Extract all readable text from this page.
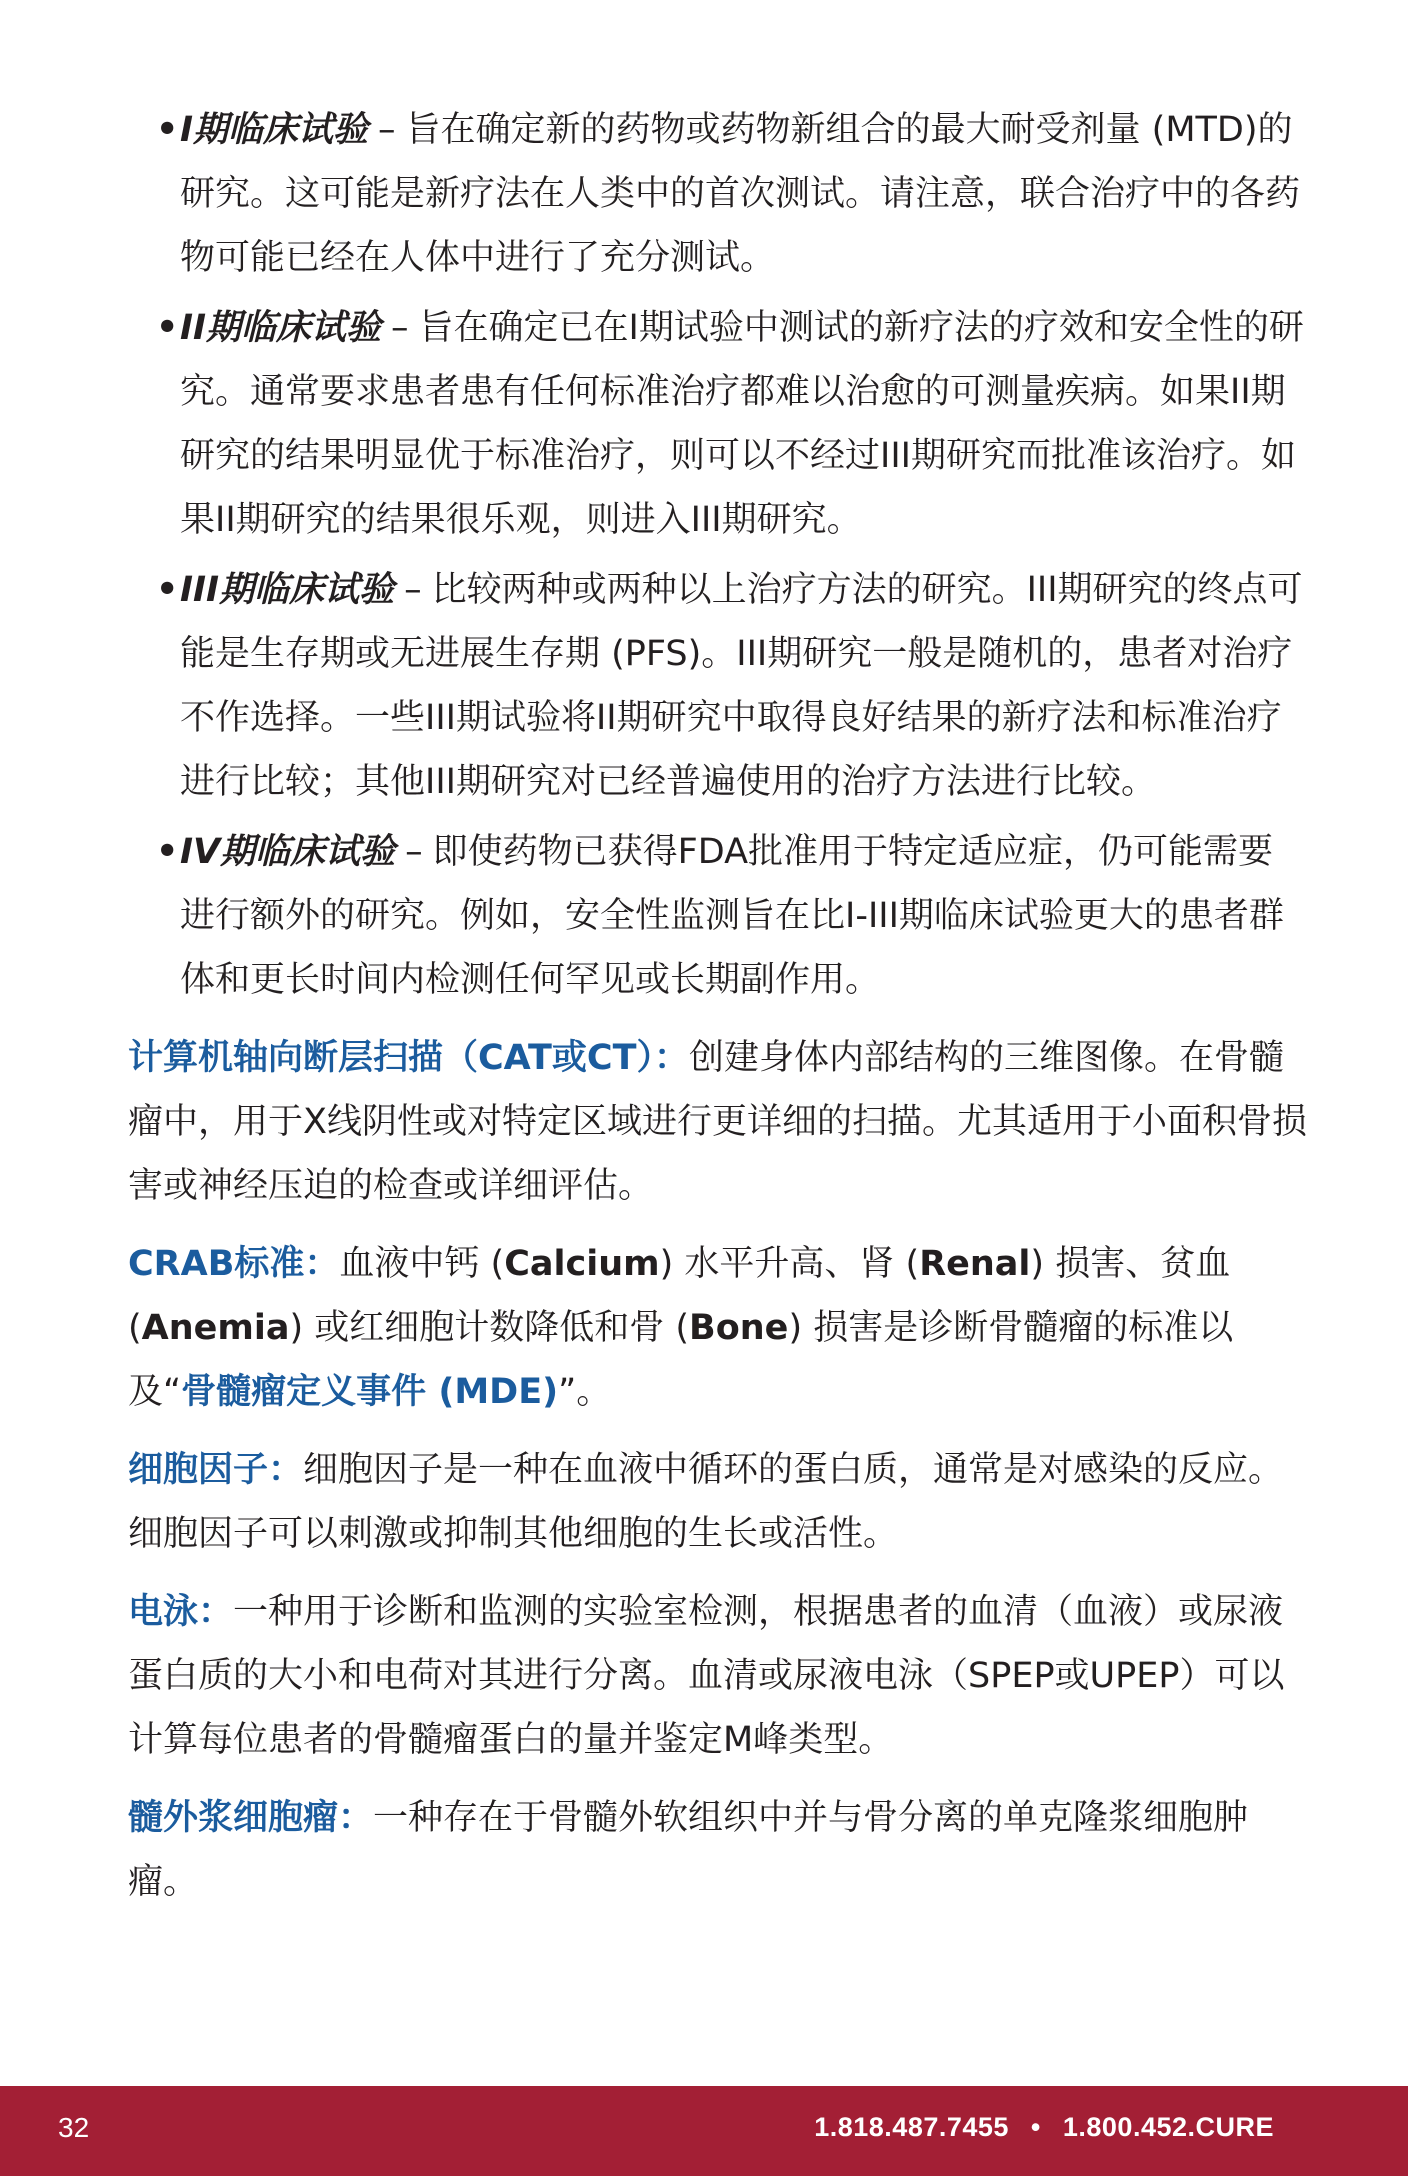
• I期临床试验 – 旨在确定新的药物或药物新组合的最大耐受剂量 (MTD)的研究。这可能是新疗法在人类中的首次测试。请注意，联合治疗中的各药物可能已经在人体中进行了充分测试。
• II期临床试验 – 旨在确定已在I期试验中测试的新疗法的疗效和安全性的研究。通常要求患者患有任何标准治疗都难以治愈的可测量疾病。如果II期研究的结果明显优于标准治疗，则可以不经过III期研究而批准该治疗。如果II期研究的结果很乐观，则进入III期研究。
• III期临床试验 – 比较两种或两种以上治疗方法的研究。III期研究的终点可能是生存期或无进展生存期 (PFS)。III期研究一般是随机的，患者对治疗不作选择。一些III期试验将II期研究中取得良好结果的新疗法和标准治疗进行比较；其他III期研究对已经普遍使用的治疗方法进行比较。
• IV期临床试验 – 即使药物已获得FDA批准用于特定适应症，仍可能需要进行额外的研究。例如，安全性监测旨在比I-III期临床试验更大的患者群体和更长时间内检测任何罕见或长期副作用。
计算机轴向断层扫描（CAT或CT）：创建身体内部结构的三维图像。在骨髓瘤中，用于X线阴性或对特定区域进行更详细的扫描。尤其适用于小面积骨损害或神经压迫的检查或详细评估。
CRAB标准：血液中钙 (Calcium) 水平升高、肾 (Renal) 损害、贫血 (Anemia) 或红细胞计数降低和骨 (Bone) 损害是诊断骨髓瘤的标准以及“骨髓瘤定义事件 (MDE)”。
细胞因子：细胞因子是一种在血液中循环的蛋白质，通常是对感染的反应。细胞因子可以刺激或抑制其他细胞的生长或活性。
电泳：一种用于诊断和监测的实验室检测，根据患者的血清（血液）或尿液蛋白质的大小和电荷对其进行分离。血清或尿液电泳（SPEP或UPEP）可以计算每位患者的骨髓瘤蛋白的量并鉴定M峰类型。
髓外浆细胞瘤：一种存在于骨髓外软组织中并与骨分离的单克隆浆细胞肿瘤。
32	1.818.487.7455 • 1.800.452.CURE
